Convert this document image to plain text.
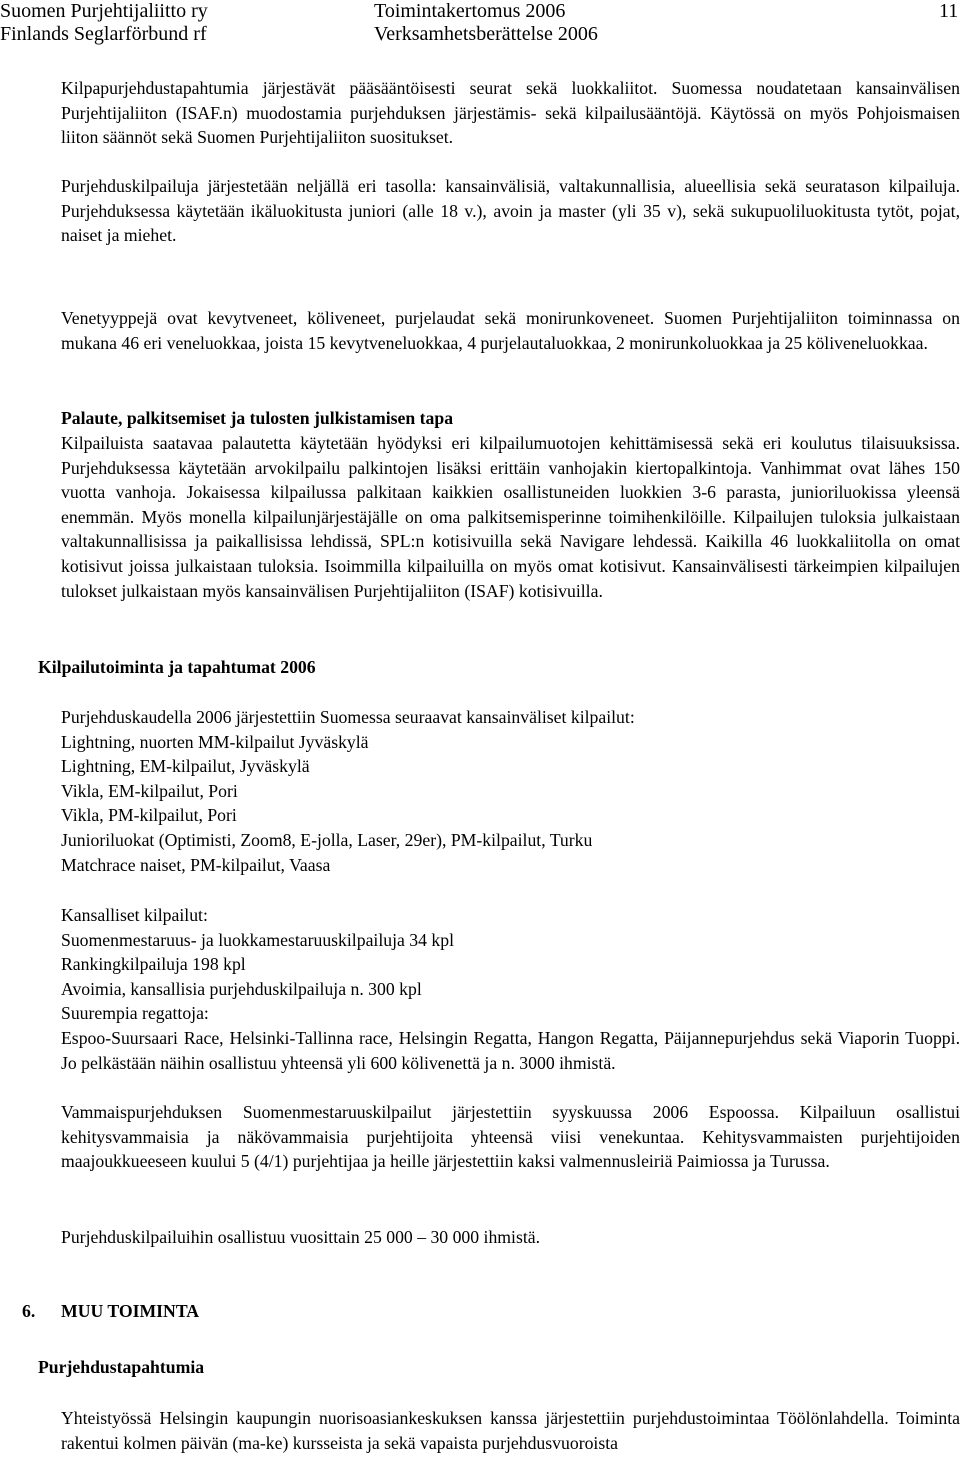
Suomen Purjehtijaliitto ry
Finlands Seglarförbund rf
Toimintakertomus 2006
Verksamhetsberättelse 2006
11
Kilpapurjehdustapahtumia järjestävät pääsääntöisesti seurat sekä luokkaliitot. Suomessa noudatetaan kansainvälisen Purjehtijaliiton (ISAF.n) muodostamia purjehduksen järjestämis- sekä kilpailusääntöjä. Käytössä on myös Pohjoismaisen liiton säännöt sekä Suomen Purjehtijaliiton suositukset.
Purjehduskilpailuja järjestetään neljällä eri tasolla: kansainvälisiä, valtakunnallisia, alueellisia sekä seuratason kilpailuja. Purjehduksessa käytetään ikäluokitusta juniori (alle 18 v.), avoin ja master (yli 35 v), sekä sukupuoliluokitusta tytöt, pojat, naiset ja miehet.
Venetyyppejä ovat kevytveneet, köliveneet, purjelaudat sekä monirunkoveneet. Suomen Purjehtijaliiton toiminnassa on mukana 46 eri veneluokkaa, joista 15 kevytveneluokkaa, 4 purjelautaluokkaa, 2 monirunkoluokkaa ja 25 köliveneluokkaa.
Palaute, palkitsemiset ja tulosten julkistamisen tapa
Kilpailuista saatavaa palautetta käytetään hyödyksi eri kilpailumuotojen kehittämisessä sekä eri koulutus tilaisuuksissa. Purjehduksessa käytetään arvokilpailu palkintojen lisäksi erittäin vanhojakin kiertopalkintoja. Vanhimmat ovat lähes 150 vuotta vanhoja. Jokaisessa kilpailussa palkitaan kaikkien osallistuneiden luokkien 3-6 parasta, junioriluokissa yleensä enemmän. Myös monella kilpailunjärjestäjälle on oma palkitsemisperinne toimihenkilöille. Kilpailujen tuloksia julkaistaan valtakunnallisissa ja paikallisissa lehdissä, SPL:n kotisivuilla sekä Navigare lehdessä. Kaikilla 46 luokkaliitolla on omat kotisivut joissa julkaistaan tuloksia. Isoimmilla kilpailuilla on myös omat kotisivut. Kansainvälisesti tärkeimpien kilpailujen tulokset julkaistaan myös kansainvälisen Purjehtijaliiton (ISAF) kotisivuilla.
Kilpailutoiminta ja tapahtumat 2006
Purjehduskaudella 2006 järjestettiin Suomessa seuraavat kansainväliset kilpailut:
Lightning, nuorten MM-kilpailut Jyväskylä
Lightning, EM-kilpailut, Jyväskylä
Vikla, EM-kilpailut, Pori
Vikla, PM-kilpailut, Pori
Junioriluokat (Optimisti, Zoom8, E-jolla, Laser, 29er), PM-kilpailut, Turku
Matchrace naiset, PM-kilpailut, Vaasa
Kansalliset kilpailut:
Suomenmestaruus- ja luokkamestaruuskilpailuja 34 kpl
Rankingkilpailuja 198 kpl
Avoimia, kansallisia purjehduskilpailuja n. 300 kpl
Suurempia regattoja:
Espoo-Suursaari Race, Helsinki-Tallinna race, Helsingin Regatta, Hangon Regatta, Päijannepurjehdus sekä Viaporin Tuoppi. Jo pelkästään näihin osallistuu yhteensä yli 600 kölivenettä ja n. 3000 ihmistä.
Vammaispurjehduksen Suomenmestaruuskilpailut järjestettiin syyskuussa 2006 Espoossa. Kilpailuun osallistui kehitysvammaisia ja näkövammaisia purjehtijoita yhteensä viisi venekuntaa. Kehitysvammaisten purjehtijoiden maajoukkueeseen kuului 5 (4/1) purjehtijaa ja heille järjestettiin kaksi valmennusleiriä Paimiossa ja Turussa.
Purjehduskilpailuihin osallistuu vuosittain 25 000 – 30 000 ihmistä.
6. MUU TOIMINTA
Purjehdustapahtumia
Yhteistyössä Helsingin kaupungin nuorisoasiankeskuksen kanssa järjestettiin purjehdustoimintaa Töölönlahdella. Toiminta rakentui kolmen päivän (ma-ke) kursseista ja sekä vapaista purjehdusvuoroista
